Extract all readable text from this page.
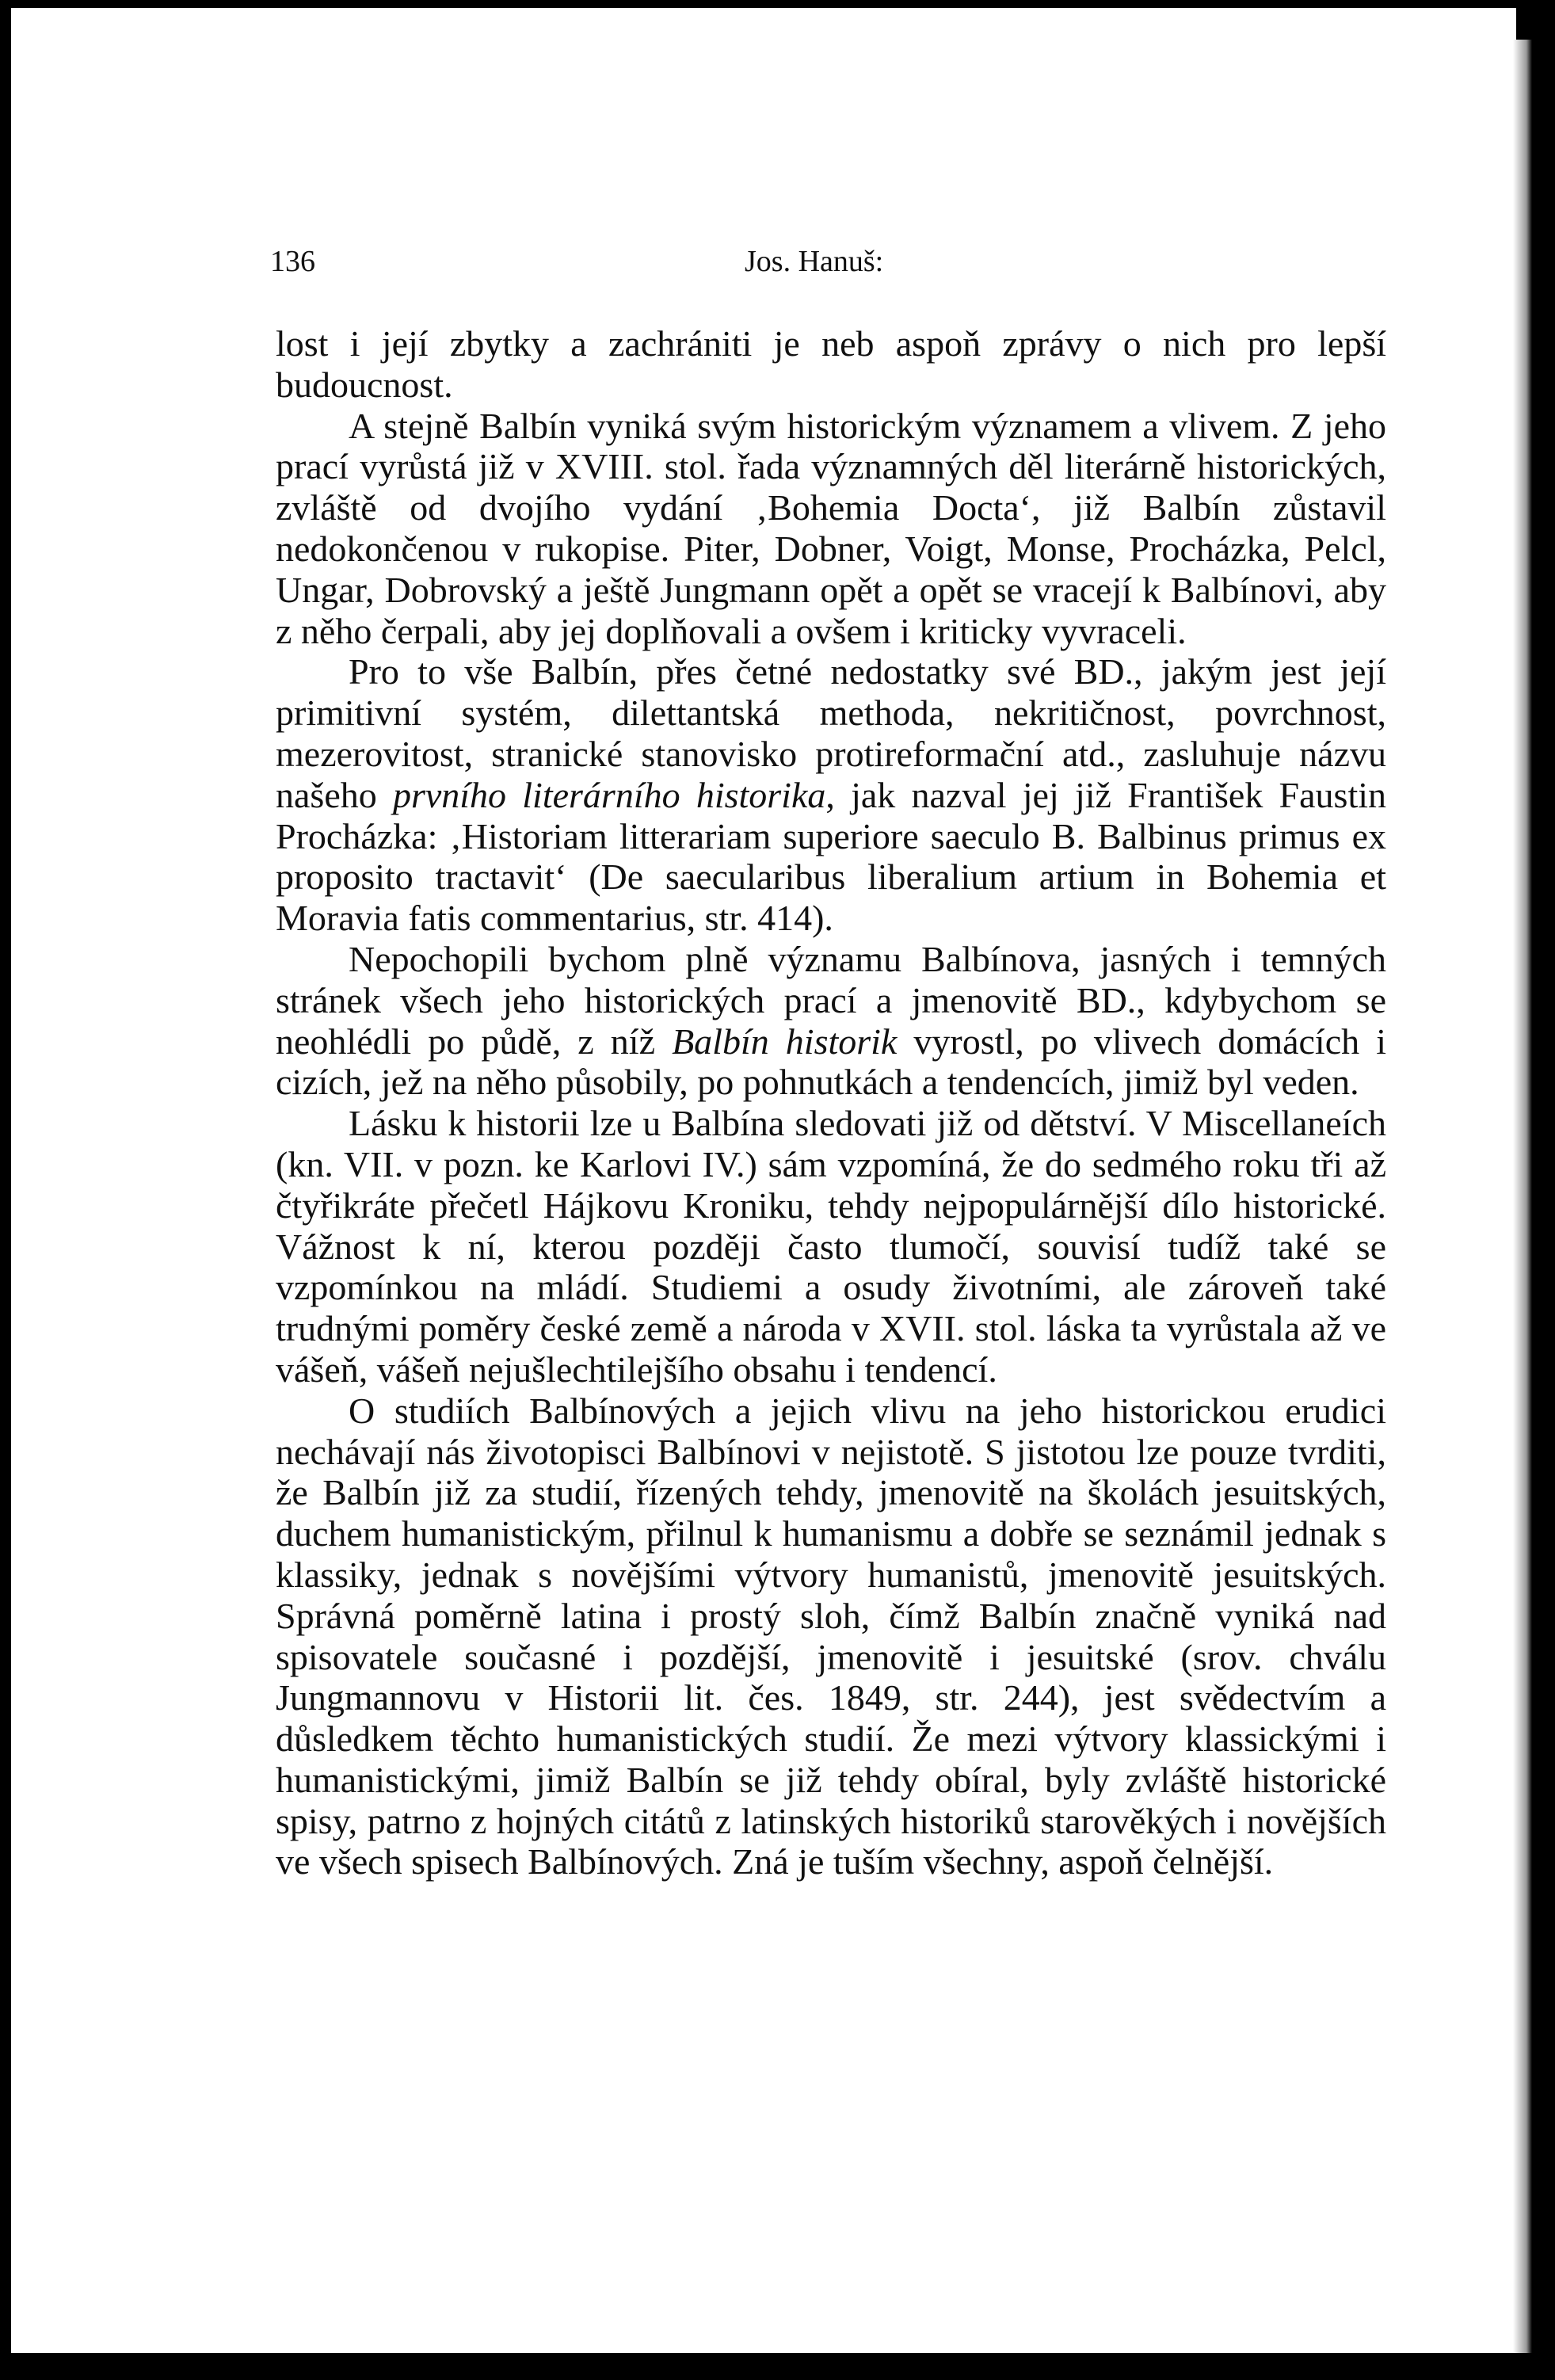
136	Jos. Hanuš:

lost i její zbytky a zachrániti je neb aspoň zprávy o nich pro lepší budoucnost.

A stejně Balbín vyniká svým historickým významem a vlivem. Z jeho prací vyrůstá již v XVIII. stol. řada významných děl literárně historických, zvláště od dvojího vydání ‚Bohemia Docta‘, již Balbín zůstavil nedokončenou v rukopise. Piter, Dobner, Voigt, Monse, Procházka, Pelcl, Ungar, Dobrovský a ještě Jungmann opět a opět se vracejí k Balbínovi, aby z něho čerpali, aby jej doplňovali a ovšem i kriticky vyvraceli.

Pro to vše Balbín, přes četné nedostatky své BD., jakým jest její primitivní systém, dilettantská methoda, nekritičnost, povrchnost, mezerovitost, stranické stanovisko protireformační atd., zasluhuje názvu našeho prvního literárního historika, jak nazval jej již František Faustin Procházka: ‚Historiam litterariam superiore saeculo B. Balbinus primus ex proposito tractavit‘ (De saecularibus liberalium artium in Bohemia et Moravia fatis commentarius, str. 414).

Nepochopili bychom plně významu Balbínova, jasných i temných stránek všech jeho historických prací a jmenovitě BD., kdybychom se neohlédli po půdě, z níž Balbín historik vyrostl, po vlivech domácích i cizích, jež na něho působily, po pohnutkách a tendencích, jimiž byl veden.

Lásku k historii lze u Balbína sledovati již od dětství. V Miscellaneích (kn. VII. v pozn. ke Karlovi IV.) sám vzpomíná, že do sedmého roku tři až čtyřikráte přečetl Hájkovu Kroniku, tehdy nejpopulárnější dílo historické. Vážnost k ní, kterou později často tlumočí, souvisí tudíž také se vzpomínkou na mládí. Studiemi a osudy životními, ale zároveň také trudnými poměry české země a národa v XVII. stol. láska ta vyrůstala až ve vášeň, vášeň nejušlechtilejšího obsahu i tendencí.

O studiích Balbínových a jejich vlivu na jeho historickou erudici nechávají nás životopisci Balbínovi v nejistotě. S jistotou lze pouze tvrditi, že Balbín již za studií, řízených tehdy, jmenovitě na školách jesuitských, duchem humanistickým, přilnul k humanismu a dobře se seznámil jednak s klassiky, jednak s novějšími výtvory humanistů, jmenovitě jesuitských. Správná poměrně latina i prostý sloh, čímž Balbín značně vyniká nad spisovatele současné i pozdější, jmenovitě i jesuitské (srov. chválu Jungmannovu v Historii lit. čes. 1849, str. 244), jest svědectvím a důsledkem těchto humanistických studií. Že mezi výtvory klassickými i humanistickými, jimiž Balbín se již tehdy obíral, byly zvláště historické spisy, patrno z hojných citátů z latinských historiků starověkých i novějších ve všech spisech Balbínových. Zná je tuším všechny, aspoň čelnější.
